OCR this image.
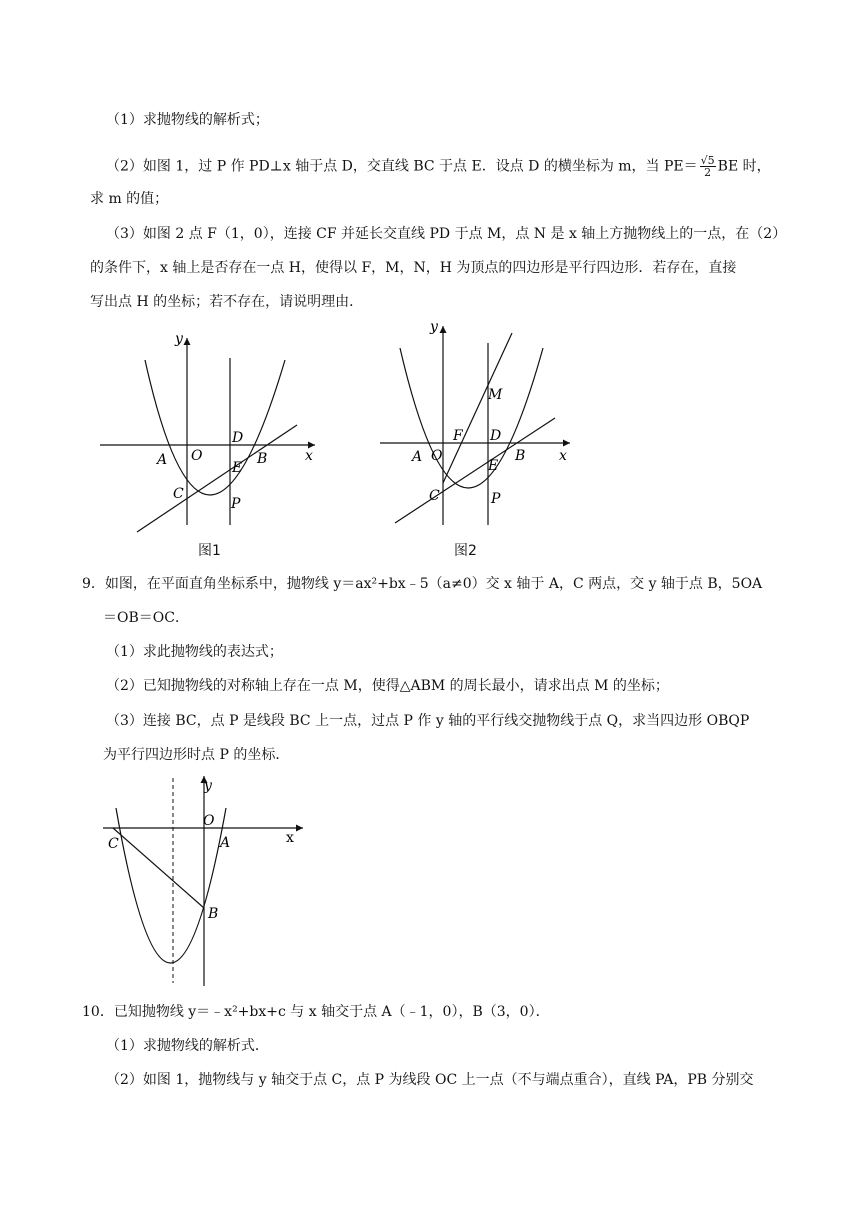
（1）求抛物线的解析式；
（2）如图 1，过 P 作 PD⊥x 轴于点 D，交直线 BC 于点 E．设点 D 的横坐标为 m，当 $PE= \frac{√5}{2}$ BE 时，
求 m 的值；
（3）如图 2 点 F（1，0），连接 CF 并延长交直线 PD 于点 M，点 N 是 x 轴上方抛物线上的一点，在（2）
的条件下，x 轴上是否存在一点 H，使得以 F，M，N，H 为顶点的四边形是平行四边形．若存在，直接
写出点 H 的坐标；若不存在，请说明理由．
y
x
A O
D
B
E
C
P
图1
y
x
A O
F D
B
E
C	P
M
图2
9．如图，在平面直角坐标系中，抛物线 y＝ax²+bx﹣5（a≠0）交 x 轴于 A，C 两点，交 y 轴于点 B，5OA
＝OB＝OC．
（1）求此抛物线的表达式；
（2）已知抛物线的对称轴上存在一点 M，使得△ABM 的周长最小，请求出点 M 的坐标；
（3）连接 BC，点 P 是线段 BC 上一点，过点 P 作 y 轴的平行线交抛物线于点 Q，求当四边形 OBQP
为平行四边形时点 P 的坐标．
y
x
O
C	A
B
10．已知抛物线 y＝﹣x²+bx+c 与 x 轴交于点 A（﹣1，0），B（3，0）．
（1）求抛物线的解析式．
（2）如图 1，抛物线与 y 轴交于点 C，点 P 为线段 OC 上一点（不与端点重合），直线 PA，PB 分别交
